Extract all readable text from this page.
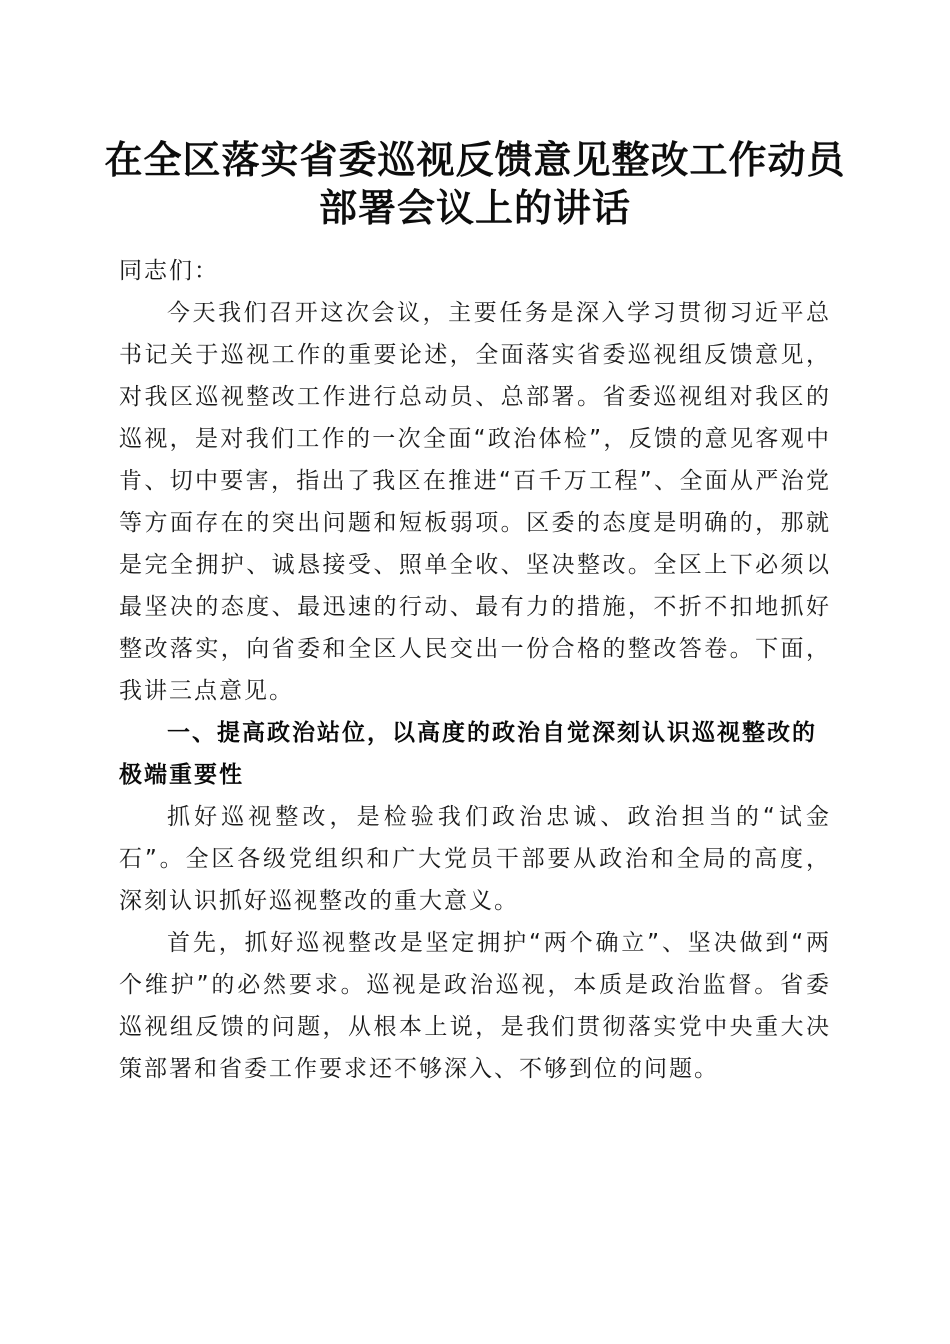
在全区落实省委巡视反馈意见整改工作动员部署会议上的讲话

同志们：

今天我们召开这次会议，主要任务是深入学习贯彻习近平总书记关于巡视工作的重要论述，全面落实省委巡视组反馈意见，对我区巡视整改工作进行总动员、总部署。省委巡视组对我区的巡视，是对我们工作的一次全面“政治体检”，反馈的意见客观中肯、切中要害，指出了我区在推进“百千万工程”、全面从严治党等方面存在的突出问题和短板弱项。区委的态度是明确的，那就是完全拥护、诚恳接受、照单全收、坚决整改。全区上下必须以最坚决的态度、最迅速的行动、最有力的措施，不折不扣地抓好整改落实，向省委和全区人民交出一份合格的整改答卷。下面，我讲三点意见。

一、提高政治站位，以高度的政治自觉深刻认识巡视整改的极端重要性

抓好巡视整改，是检验我们政治忠诚、政治担当的“试金石”。全区各级党组织和广大党员干部要从政治和全局的高度，深刻认识抓好巡视整改的重大意义。

首先，抓好巡视整改是坚定拥护“两个确立”、坚决做到“两个维护”的必然要求。巡视是政治巡视，本质是政治监督。省委巡视组反馈的问题，从根本上说，是我们贯彻落实党中央重大决策部署和省委工作要求还不够深入、不够到位的问题。
